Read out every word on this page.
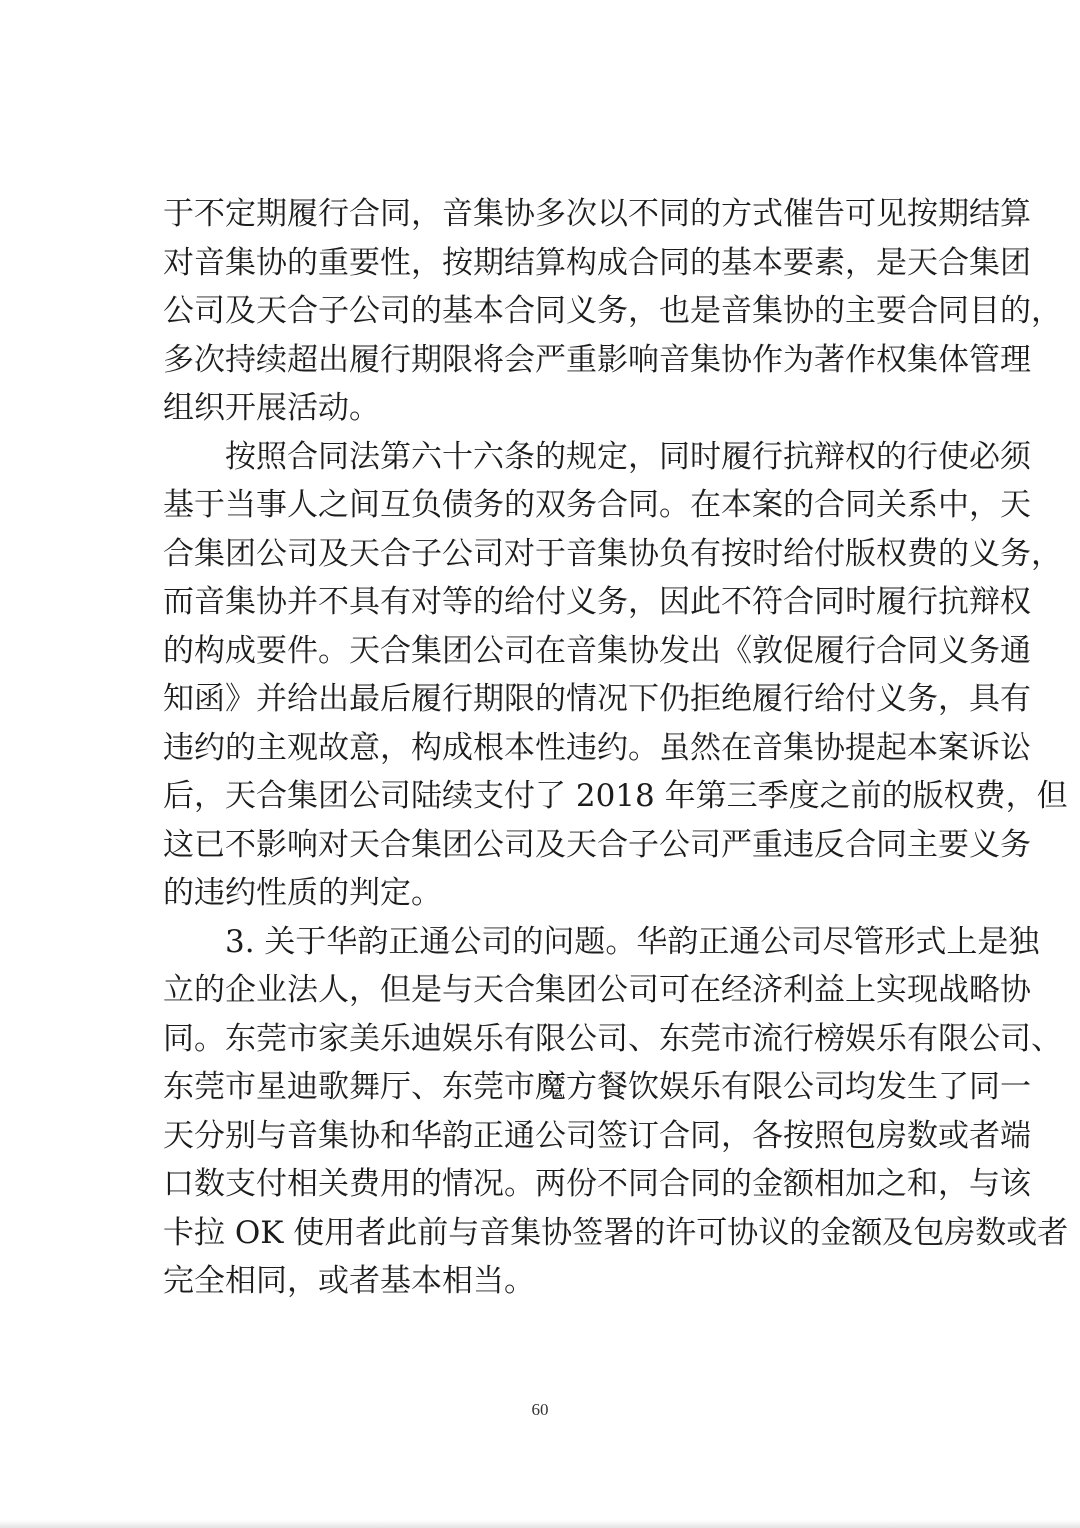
于不定期履行合同，音集协多次以不同的方式催告可见按期结算
对音集协的重要性，按期结算构成合同的基本要素，是天合集团
公司及天合子公司的基本合同义务，也是音集协的主要合同目的，
多次持续超出履行期限将会严重影响音集协作为著作权集体管理
组织开展活动。
　　按照合同法第六十六条的规定，同时履行抗辩权的行使必须
基于当事人之间互负债务的双务合同。在本案的合同关系中，天
合集团公司及天合子公司对于音集协负有按时给付版权费的义务，
而音集协并不具有对等的给付义务，因此不符合同时履行抗辩权
的构成要件。天合集团公司在音集协发出《敦促履行合同义务通
知函》并给出最后履行期限的情况下仍拒绝履行给付义务，具有
违约的主观故意，构成根本性违约。虽然在音集协提起本案诉讼
后，天合集团公司陆续支付了 2018 年第三季度之前的版权费，但
这已不影响对天合集团公司及天合子公司严重违反合同主要义务
的违约性质的判定。
　　3. 关于华韵正通公司的问题。华韵正通公司尽管形式上是独
立的企业法人，但是与天合集团公司可在经济利益上实现战略协
同。东莞市家美乐迪娱乐有限公司、东莞市流行榜娱乐有限公司、
东莞市星迪歌舞厅、东莞市魔方餐饮娱乐有限公司均发生了同一
天分别与音集协和华韵正通公司签订合同，各按照包房数或者端
口数支付相关费用的情况。两份不同合同的金额相加之和，与该
卡拉 OK 使用者此前与音集协签署的许可协议的金额及包房数或者
完全相同，或者基本相当。
60
